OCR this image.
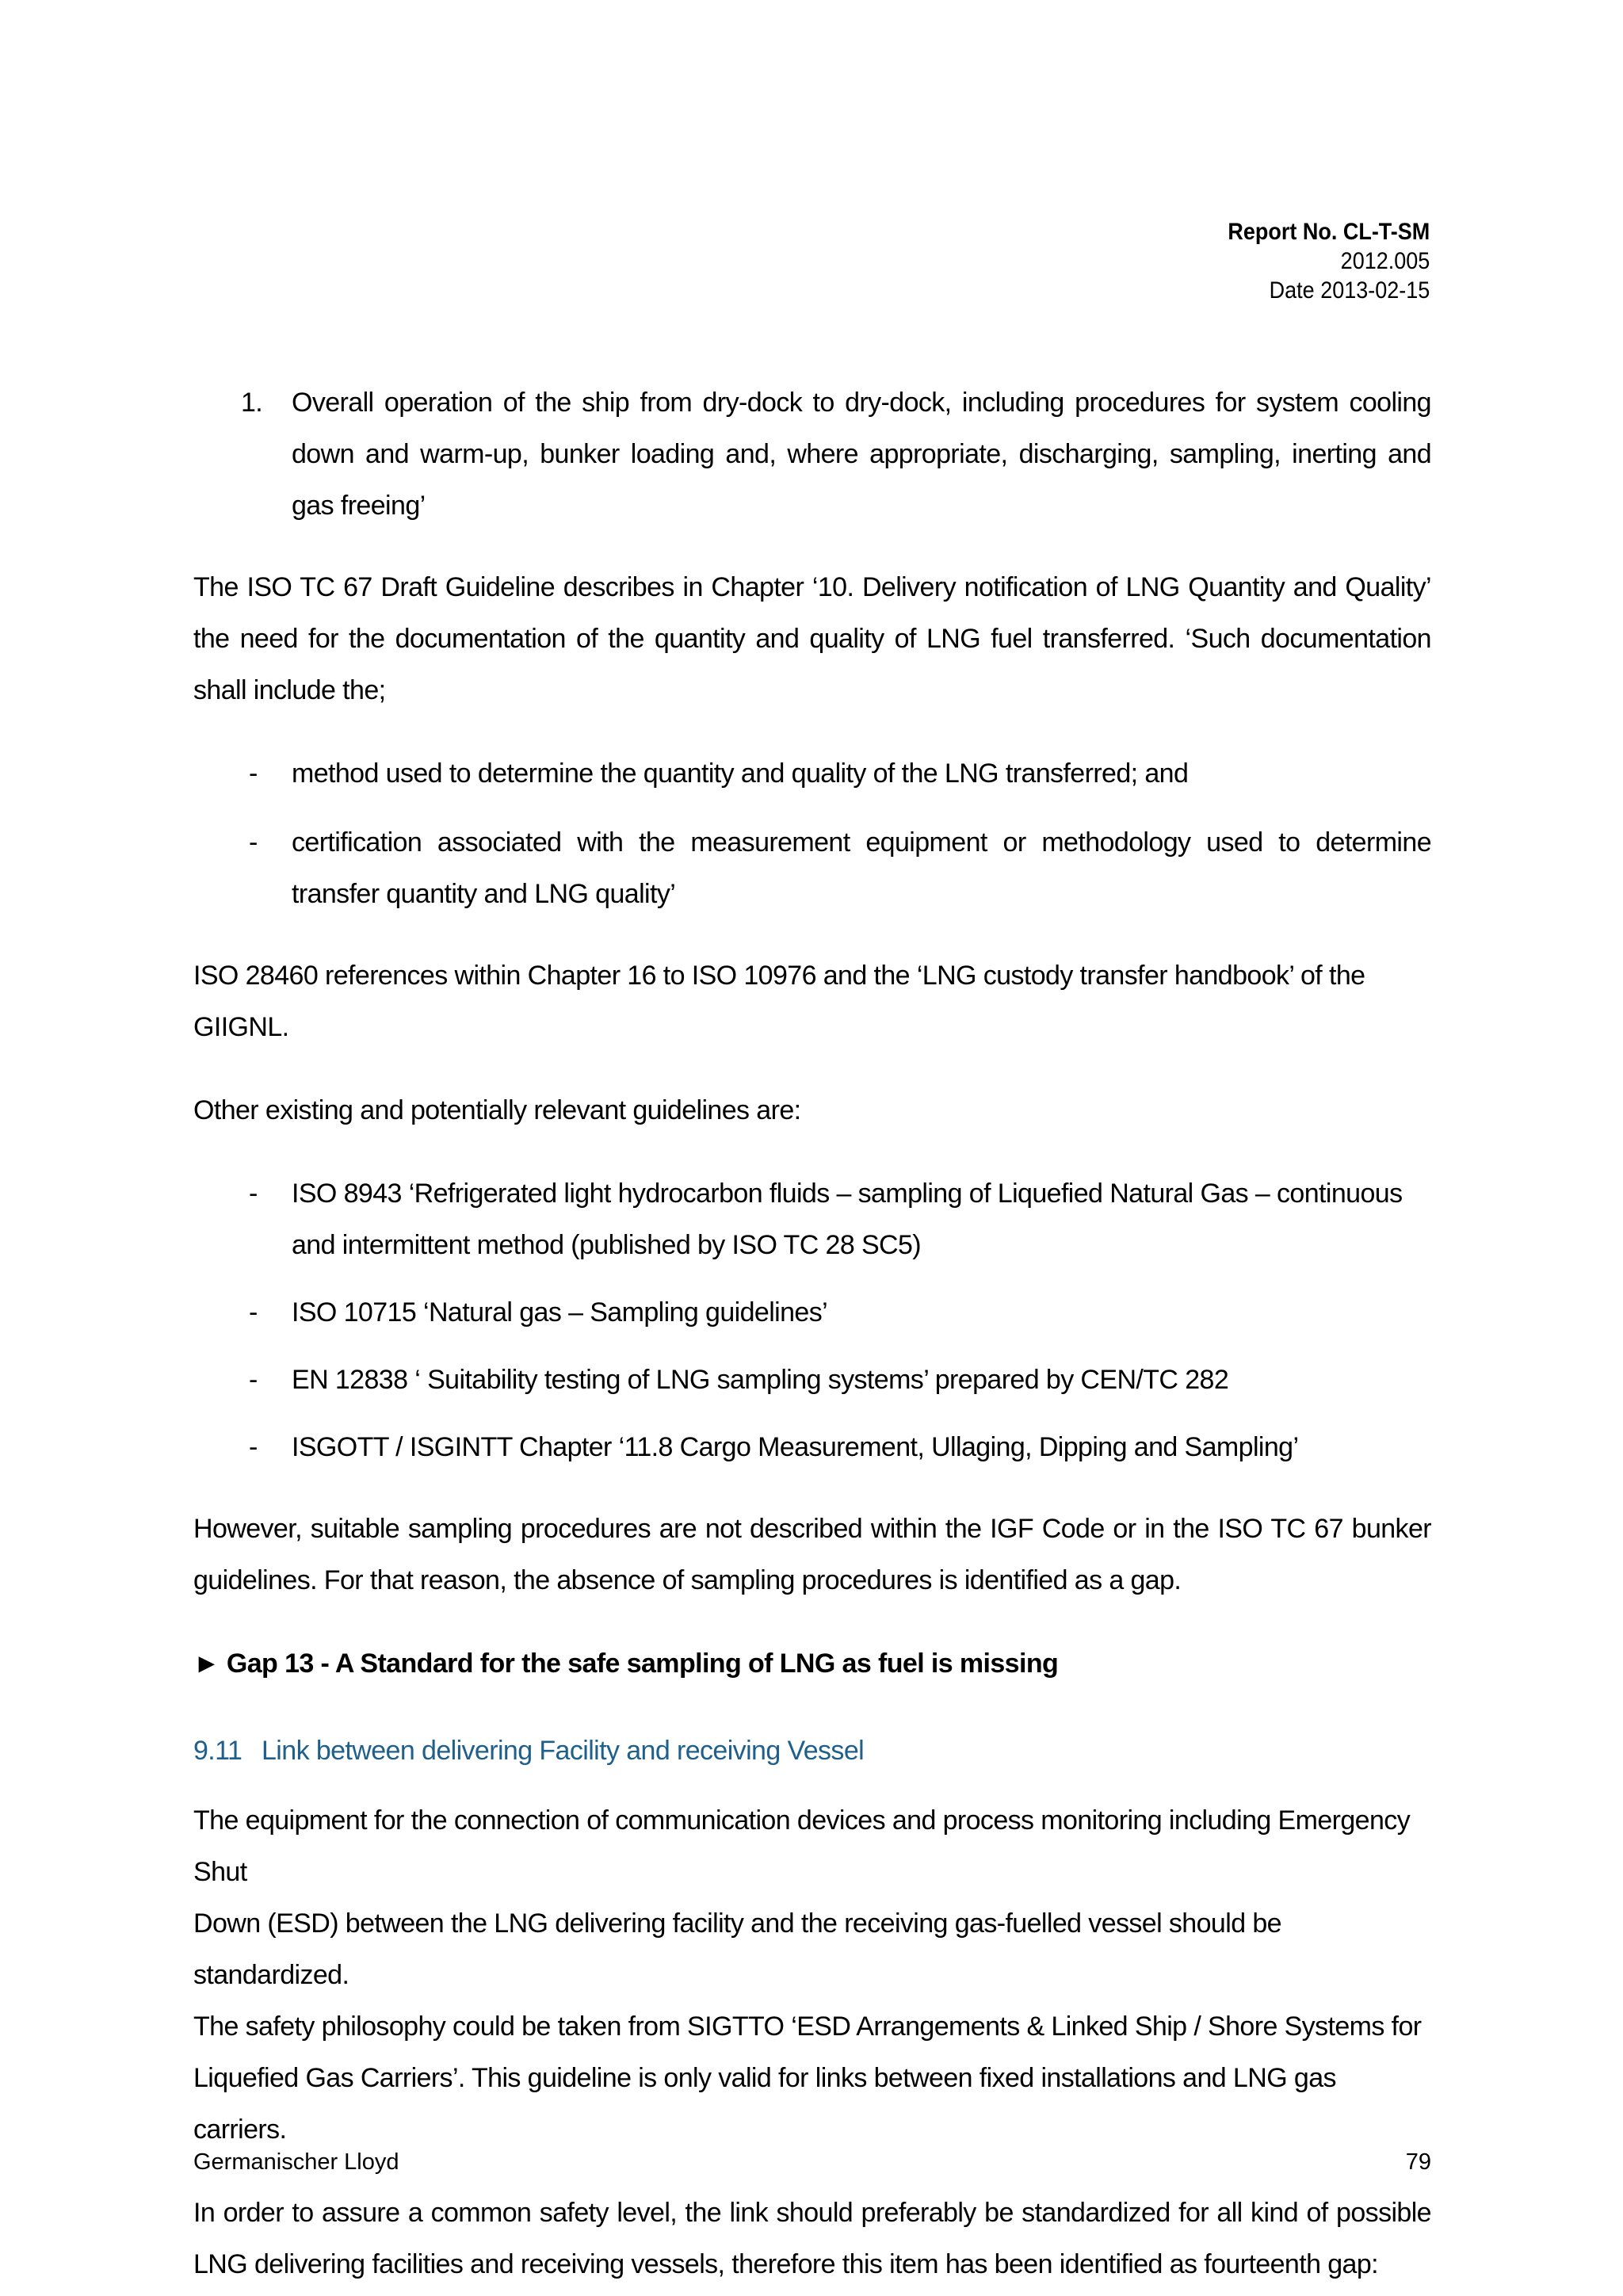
Report No. CL-T-SM
2012.005
Date 2013-02-15

1. Overall operation of the ship from dry-dock to dry-dock, including procedures for system cooling down and warm-up, bunker loading and, where appropriate, discharging, sampling, inerting and gas freeing’

The ISO TC 67 Draft Guideline describes in Chapter ‘10. Delivery notification of LNG Quantity and Quality’ the need for the documentation of the quantity and quality of LNG fuel transferred. ‘Such documentation shall include the;

- method used to determine the quantity and quality of the LNG transferred; and

- certification associated with the measurement equipment or methodology used to determine transfer quantity and LNG quality’

ISO 28460 references within Chapter 16 to ISO 10976 and the ‘LNG custody transfer handbook’ of the GIIGNL.

Other existing and potentially relevant guidelines are:

- ISO 8943 ‘Refrigerated light hydrocarbon fluids – sampling of Liquefied Natural Gas – continuous and intermittent method (published by ISO TC 28 SC5)

- ISO 10715 ‘Natural gas – Sampling guidelines’

- EN 12838 ‘ Suitability testing of LNG sampling systems’ prepared by CEN/TC 282

- ISGOTT / ISGINTT Chapter ‘11.8 Cargo Measurement, Ullaging, Dipping and Sampling’

However, suitable sampling procedures are not described within the IGF Code or in the ISO TC 67 bunker guidelines. For that reason, the absence of sampling procedures is identified as a gap.

► Gap 13 - A Standard for the safe sampling of LNG as fuel is missing

9.11 Link between delivering Facility and receiving Vessel

The equipment for the connection of communication devices and process monitoring including Emergency Shut
Down (ESD) between the LNG delivering facility and the receiving gas-fuelled vessel should be standardized.
The safety philosophy could be taken from SIGTTO ‘ESD Arrangements & Linked Ship / Shore Systems for
Liquefied Gas Carriers’. This guideline is only valid for links between fixed installations and LNG gas carriers.

In order to assure a common safety level, the link should preferably be standardized for all kind of possible LNG delivering facilities and receiving vessels, therefore this item has been identified as fourteenth gap:

Germanischer Lloyd	79
